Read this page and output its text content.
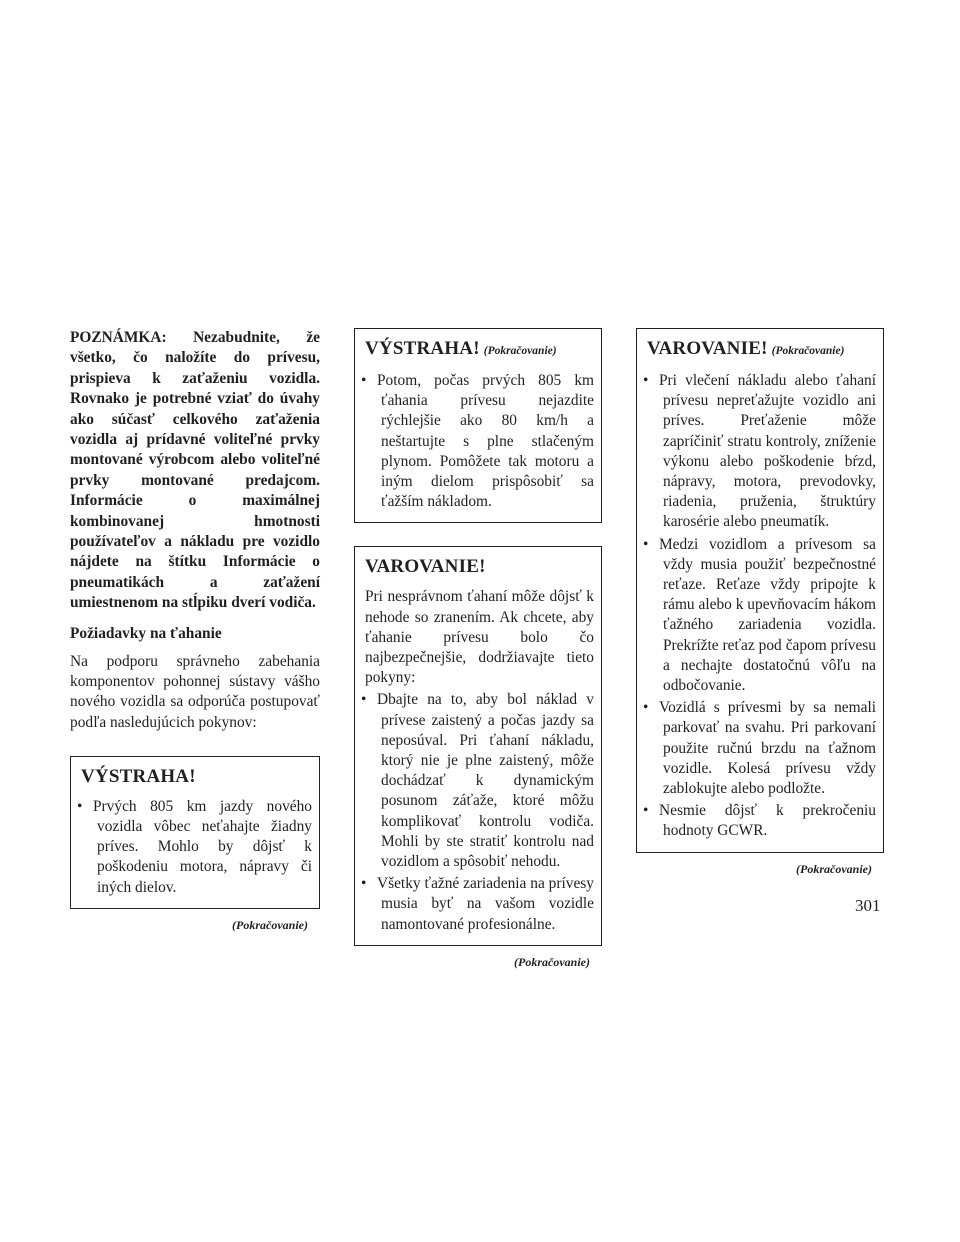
POZNÁMKA: Nezabudnite, že všetko, čo naložíte do prívesu, prispieva k zaťaženiu vozidla. Rovnako je potrebné vziať do úvahy ako súčasť celkového zaťaženia vozidla aj prídavné voliteľné prvky montované výrobcom alebo voliteľné prvky montované predajcom. Informácie o maximálnej kombinovanej hmotnosti používateľov a nákladu pre vozidlo nájdete na štítku Informácie o pneumatikách a zaťažení umiestnenom na stĺpiku dverí vodiča.

Požiadavky na ťahanie

Na podporu správneho zabehania komponentov pohonnej sústavy vášho nového vozidla sa odporúča postupovať podľa nasledujúcich pokynov:

VÝSTRAHA!
• Prvých 805 km jazdy nového vozidla vôbec neťahajte žiadny príves. Mohlo by dôjsť k poškodeniu motora, nápravy či iných dielov.
(Pokračovanie)
VÝSTRAHA! (Pokračovanie)
• Potom, počas prvých 805 km ťahania prívesu nejazdite rýchlejšie ako 80 km/h a neštartujte s plne stlačeným plynom. Pomôžete tak motoru a iným dielom prispôsobiť sa ťažším nákladom.
VAROVANIE!

Pri nesprávnom ťahaní môže dôjsť k nehode so zranením. Ak chcete, aby ťahanie prívesu bolo čo najbezpečnejšie, dodržiavajte tieto pokyny:

• Dbajte na to, aby bol náklad v prívese zaistený a počas jazdy sa neposúval. Pri ťahaní nákladu, ktorý nie je plne zaistený, môže dochádzať k dynamickým posunom záťaže, ktoré môžu komplikovať kontrolu vodiča. Mohli by ste stratiť kontrolu nad vozidlom a spôsobiť nehodu.
• Všetky ťažné zariadenia na prívesy musia byť na vašom vozidle namontované profesionálne.
(Pokračovanie)
VAROVANIE! (Pokračovanie)
• Pri vlečení nákladu alebo ťahaní prívesu nepreťažujte vozidlo ani príves. Preťaženie môže zapríčiniť stratu kontroly, zníženie výkonu alebo poškodenie bŕzd, nápravy, motora, prevodovky, riadenia, pruženia, štruktúry karosérie alebo pneumatík.
• Medzi vozidlom a prívesom sa vždy musia použiť bezpečnostné reťaze. Reťaze vždy pripojte k rámu alebo k upevňovacím hákom ťažného zariadenia vozidla. Prekrížte reťaz pod čapom prívesu a nechajte dostatočnú vôľu na odbočovanie.
• Vozidlá s prívesmi by sa nemali parkovať na svahu. Pri parkovaní použite ručnú brzdu na ťažnom vozidle. Kolesá prívesu vždy zablokujte alebo podložte.
• Nesmie dôjsť k prekročeniu hodnoty GCWR.
(Pokračovanie)
301
